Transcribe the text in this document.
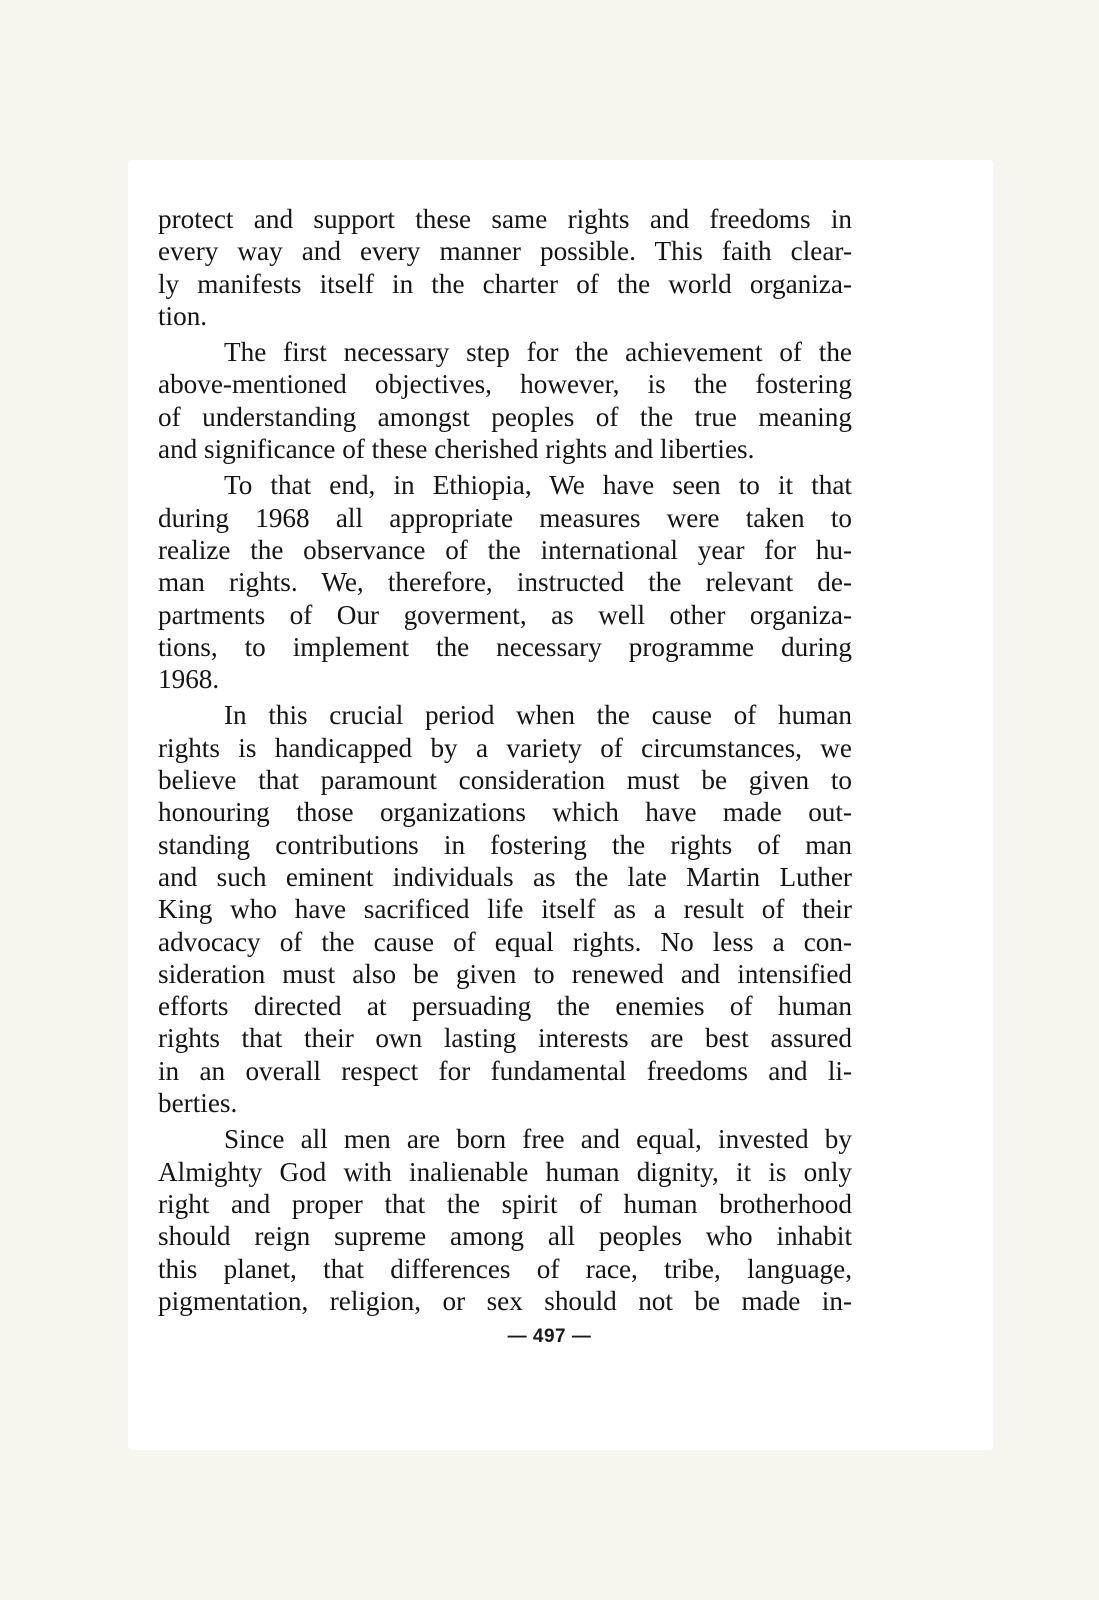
protect and support these same rights and freedoms in
every way and every manner possible. This faith clear-
ly manifests itself in the charter of the world organiza-
tion.
The first necessary step for the achievement of the
above-mentioned objectives, however, is the fostering
of understanding amongst peoples of the true meaning
and significance of these cherished rights and liberties.
To that end, in Ethiopia, We have seen to it that
during 1968 all appropriate measures were taken to
realize the observance of the international year for hu-
man rights. We, therefore, instructed the relevant de-
partments of Our goverment, as well other organiza-
tions, to implement the necessary programme during
1968.
In this crucial period when the cause of human
rights is handicapped by a variety of circumstances, we
believe that paramount consideration must be given to
honouring those organizations which have made out-
standing contributions in fostering the rights of man
and such eminent individuals as the late Martin Luther
King who have sacrificed life itself as a result of their
advocacy of the cause of equal rights. No less a con-
sideration must also be given to renewed and intensified
efforts directed at persuading the enemies of human
rights that their own lasting interests are best assured
in an overall respect for fundamental freedoms and li-
berties.
Since all men are born free and equal, invested by
Almighty God with inalienable human dignity, it is only
right and proper that the spirit of human brotherhood
should reign supreme among all peoples who inhabit
this planet, that differences of race, tribe, language,
pigmentation, religion, or sex should not be made in-
— 497 —
